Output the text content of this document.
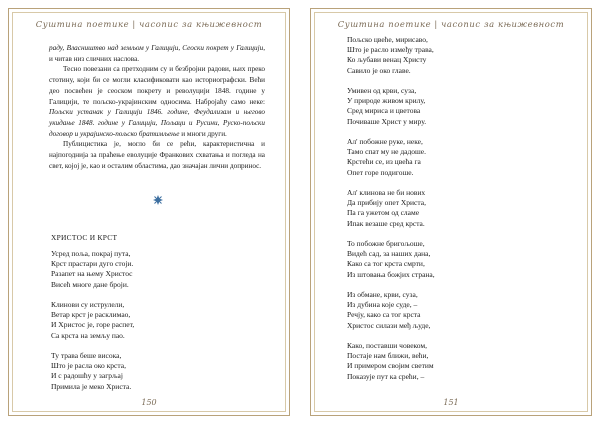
Суштина поетике | часопис за књижевност

раду, Власништво над земљом у Галицији, Сеоски покрет у Галицији, и читав низ сличних наслова.

Тесно повезани са претходним су и безбројни радови, њих преко стотину, који би се могли класификовати као историографски. Већи део посвећен је сеоском покрету и револуцији 1848. године у Галицији, те пољско-украјинским односима. Набројаћу само неке: Пољски устанак у Галицији 1846. године, Феудализам и његово укидање 1848. године у Галицији, Пољаци и Русини, Руско-пољски договор и украјинско-пољско братимљење и многи други.

Публицистика је, могло би се рећи, карактеристична и најпогоднија за праћење еволуције Франкових схватања и погледа на свет, којој је, као и осталим областима, дао значајан лични допринос.

ХРИСТОС И КРСТ
Усред поља, покрај пута,
Крст прастари дуго стоји.
Разапет на њему Христос
Висећ многе дане броји.
Клинови су иструлели,
Ветар крст је расклимао,
И Христос је, горе распет,
Са крста на земљу пао.
Ту трава беше висока,
Што је расла око крста,
И с радошћу у загрљај
Примила је меко Христа.
150
Суштина поетике | часопис за књижевност
Пољско цвеће, мирисаво,
Што је расло између трава,
Ко љубави венац Христу
Савило је око главе.
Умивен од крви, суза,
У природе живом крилу,
Сред мириса и цветова
Почиваше Христ у миру.
Ал' побожне руке, неке,
Тамо спат му не дадоше.
Крстећи се, из цвећа га
Опет горе подигоше.
Ал' клинова не би нових
Да прибију опет Христа,
Па га ужетом од сламе
Ипак везаше сред крста.
То побожне бригољоше,
Видећ сад, за наших дана,
Како са тог крста смрти,
Из штовања божјих страна,
Из обмане, крви, суза,
Из дубина које суде, –
Речју, како са тог крста
Христос силази међ људе,
Како, поставши човеком,
Постаје нам ближи, већи,
И примером својим светим
Показује пут ка срећи, –
151
